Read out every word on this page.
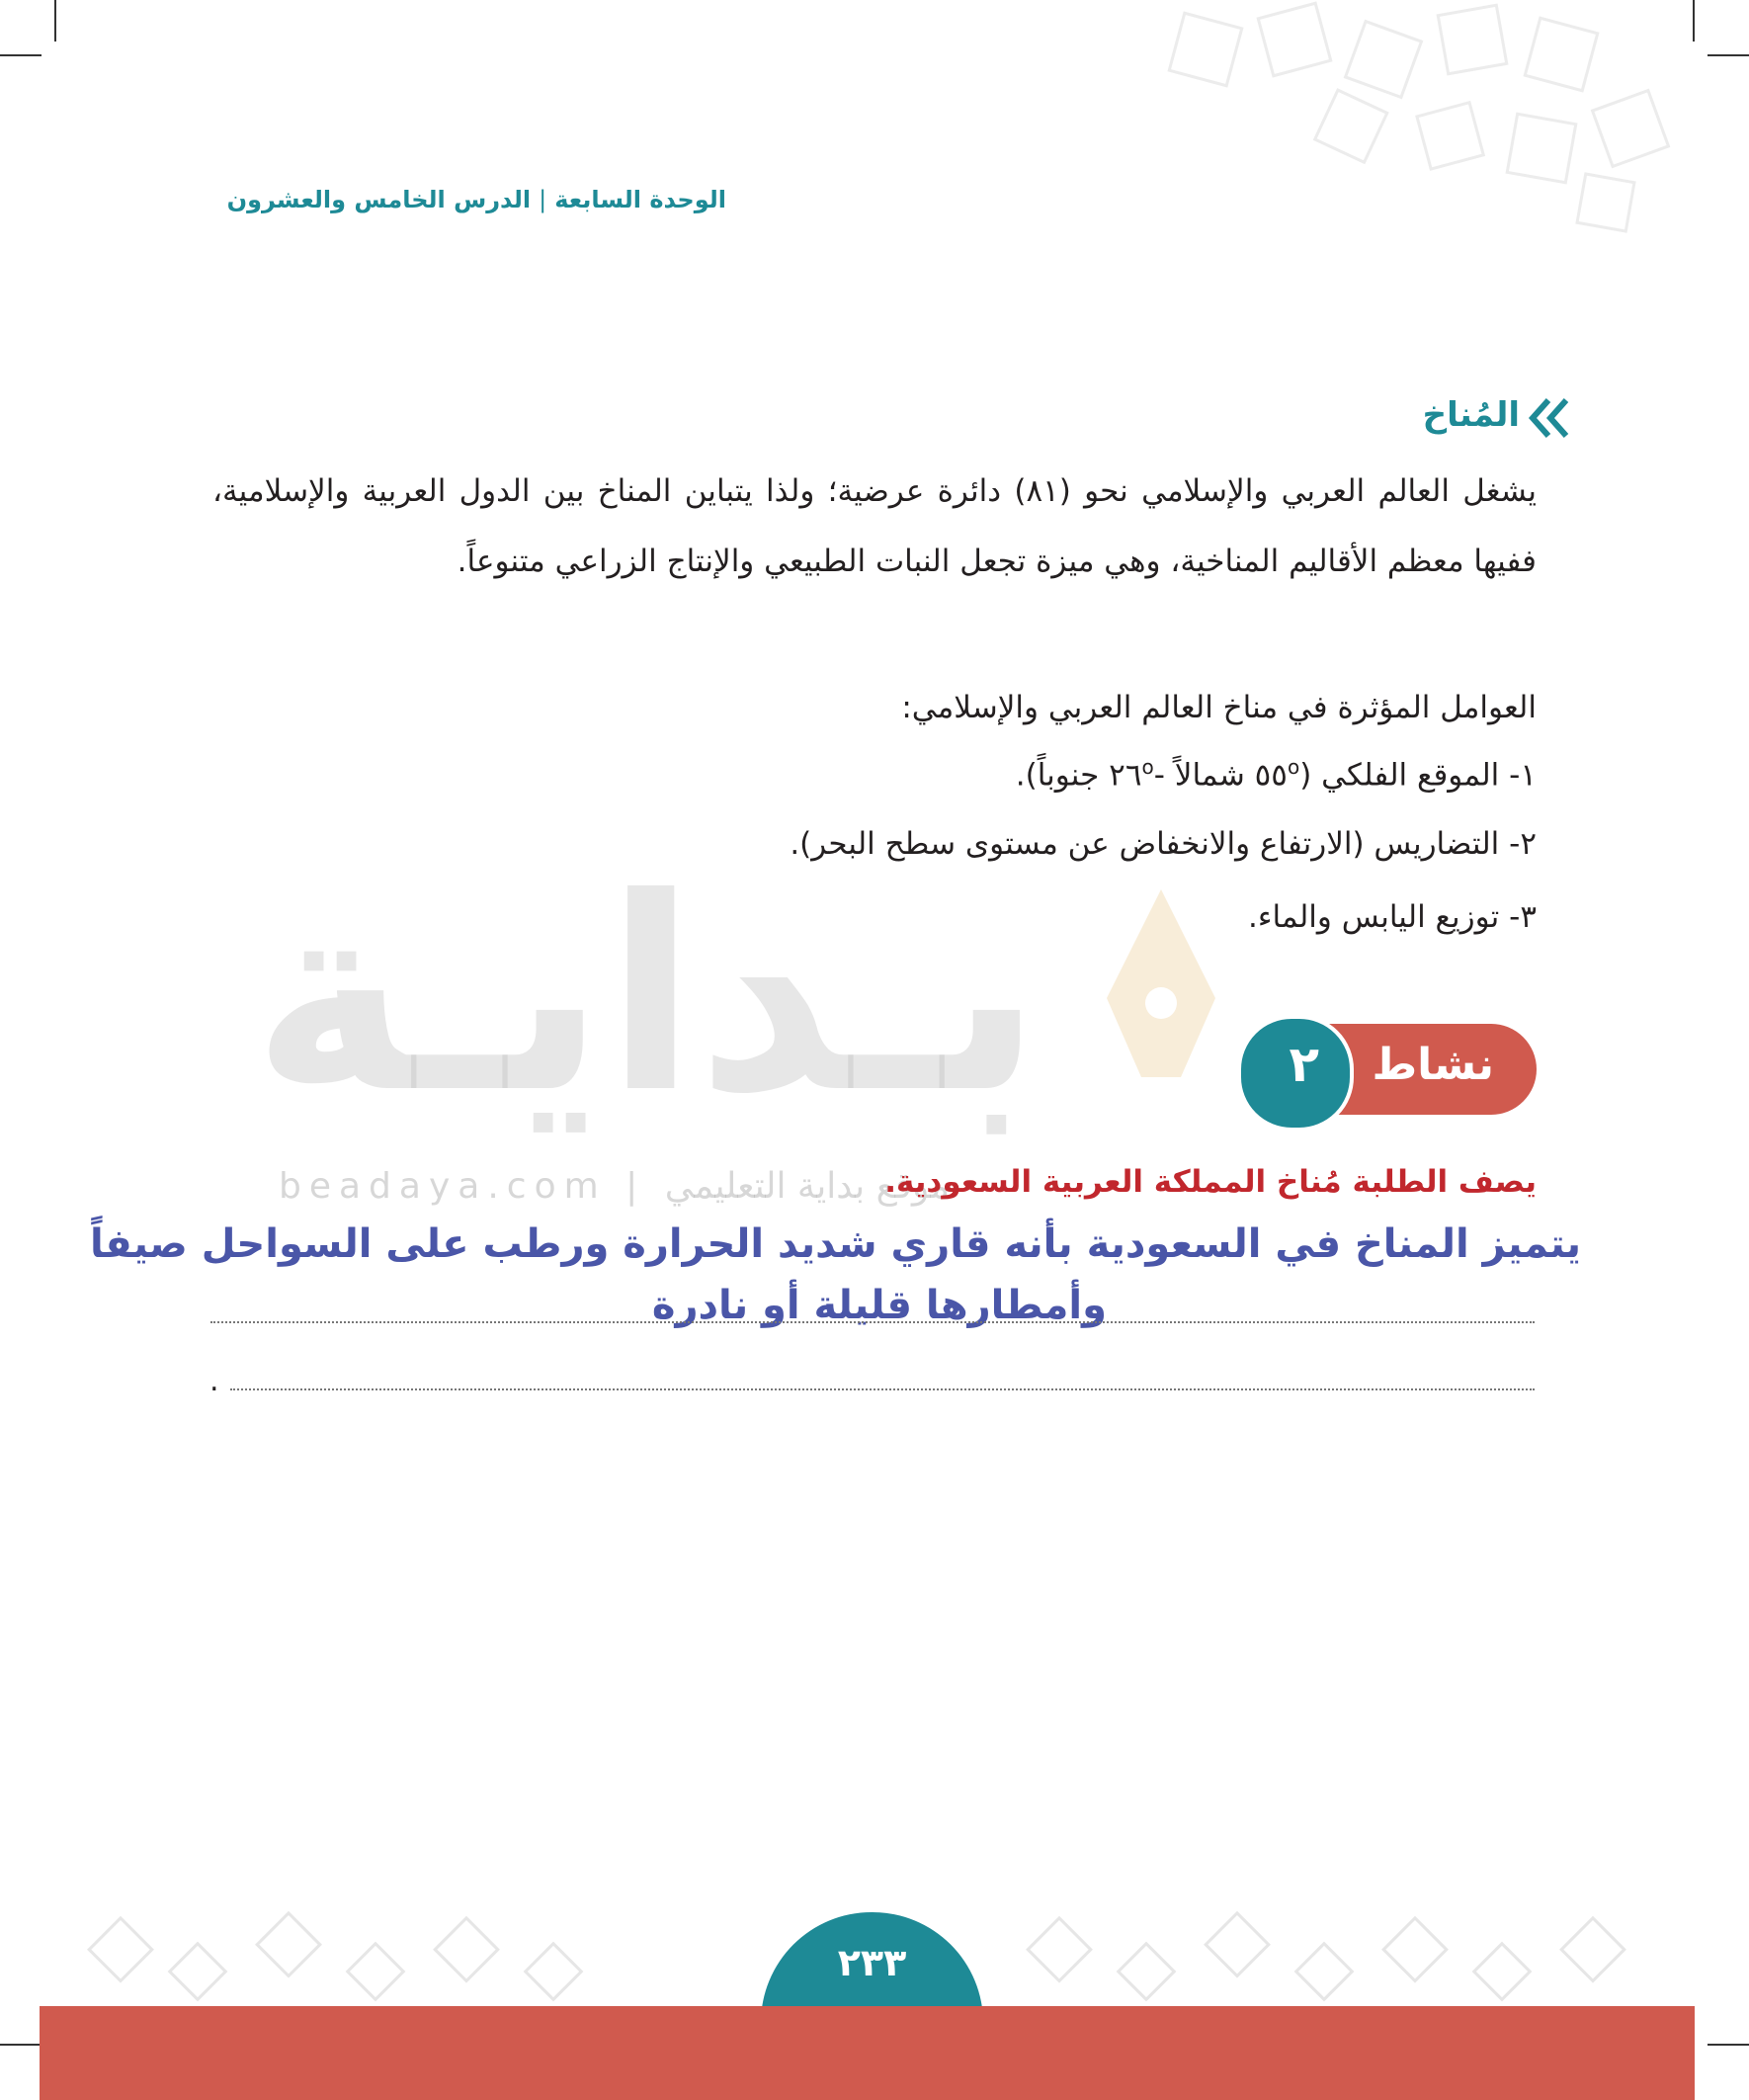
الوحدة السابعة|الدرس الخامس والعشرون
المُناخ
يشغل العالم العربي والإسلامي نحو (٨١) دائرة عرضية؛ ولذا يتباين المناخ بين الدول العربية والإسلامية، ففيها معظم الأقاليم المناخية، وهي ميزة تجعل النبات الطبيعي والإنتاج الزراعي متنوعاً.
العوامل المؤثرة في مناخ العالم العربي والإسلامي:
١- الموقع الفلكي (٥٥$^o$ شمالاً -٢٦$^o$ جنوباً).
٢- التضاريس (الارتفاع والانخفاض عن مستوى سطح البحر).
٣- توزيع اليابس والماء.
بـدايـة
beadaya.com | موقع بداية التعليمي
نشاط
٢
يصف الطلبة مُناخ المملكة العربية السعودية.
يتميز المناخ في السعودية بأنه قاري شديد الحرارة ورطب على السواحل صيفاً
وأمطارها قليلة أو نادرة
.
٢٣٣
